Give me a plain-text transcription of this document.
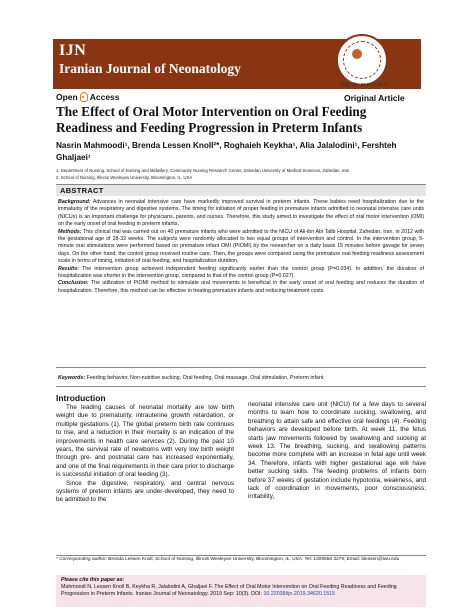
IJN
Iranian Journal of Neonatology
http://ijn.mums.ac.ir
Open Access	Original Article
The Effect of Oral Motor Intervention on Oral Feeding Readiness and Feeding Progression in Preterm Infants
Nasrin Mahmoodi¹, Brenda Lessen Knoll²*, Roghaieh Keykha¹, Alia Jalalodini¹, Fershteh Ghaljaei¹
1. Department of Nursing, School of Nursing and Midwifery, Community Nursing Research Center, Zahedan University of Medical Sciences, Zahedan, Iran
2. School of Nursing, Illinois Wesleyan University, Bloomington, IL, USA
ABSTRACT

Background: Advances in neonatal intensive care have markedly improved survival in preterm infants. These babies need hospitalization due to the immaturity of the respiratory and digestive systems. The timing for initiation of proper feeding in premature infants admitted to neonatal intensive care units (NICUs) is an important challenge for physicians, parents, and nurses. Therefore, this study aimed to investigate the effect of oral motor intervention (OMI) on the early onset of oral feeding in preterm infants.

Methods: This clinical trial was carried out on 40 premature infants who were admitted to the NICU of Ali-ibn Abi Talib Hospital, Zahedan, Iran, in 2012 with the gestational age of 28-32 weeks. The subjects were randomly allocated to two equal groups of intervention and control. In the intervention group, 5-minute oral stimulations were performed based on premature infant OMI (PIOMI) by the researcher on a daily basis 15 minutes before gavage for seven days. On the other hand, the control group received routine care. Then, the groups were compared using the premature oral feeding readiness assessment scale in terms of timing, initiation of oral feeding, and hospitalization duration.

Results: The intervention group achieved independent feeding significantly earlier than the control group (P=0.034). In addition, the duration of hospitalization was shorter in the intervention group, compared to that of the control group (P=0.027).

Conclusion: The utilization of PIOMI method to stimulate oral movements is beneficial in the early onset of oral feeding and reduces the duration of hospitalization. Therefore, this method can be effective in treating premature infants and reducing treatment costs.

Keywords: Feeding behavior, Non-nutritive sucking, Oral feeding, Oral massage, Oral stimulation, Preterm infant
Introduction

The leading causes of neonatal mortality are low birth weight due to prematurity, intrauterine growth retardation, or multiple gestations (1). The global preterm birth rate continues to rise, and a reduction in their mortality is an indication of the improvements in health care services (2). During the past 10 years, the survival rate of newborns with very low birth weight through pre- and postnatal care has increased exponentially, and one of the final requirements in their care prior to discharge is successful initiation of oral feeding (3).

Since the digestive, respiratory, and central nervous systems of preterm infants are under-developed, they need to be admitted to the

neonatal intensive care unit (NICU) for a few days to several months to learn how to coordinate sucking, swallowing, and breathing to attain safe and effective oral feedings (4). Feeding behaviors are developed before birth. At week 11, the fetus starts jaw movements followed by swallowing and sucking at week 13. The breathing, sucking, and swallowing patterns become more complete with an increase in fetal age until week 34. Therefore, infants with higher gestational age will have better sucking skills. The feeding problems of infants born before 37 weeks of gestation include hypotonia, weakness, and lack of coordination in movements, poor consciousness, irritability,

* Corresponding author: Brenda Lessen Knoll, School of Nursing, Illinois Wesleyan University, Bloomington, IL, USA. Tel: 1309556 3279; Email: blessen@iwu.edu
Please cite this paper as:
Mahmoodi N, Lessen Knoll B, Keykha R, Jalalodini A, Ghaljaei F. The Effect of Oral Motor Intervention on Oral Feeding Readiness and Feeding Progression in Preterm Infants. Iranian Journal of Neonatology. 2019 Sep: 10(3). DOI: 10.22038/ijn.2019.34620.1515
